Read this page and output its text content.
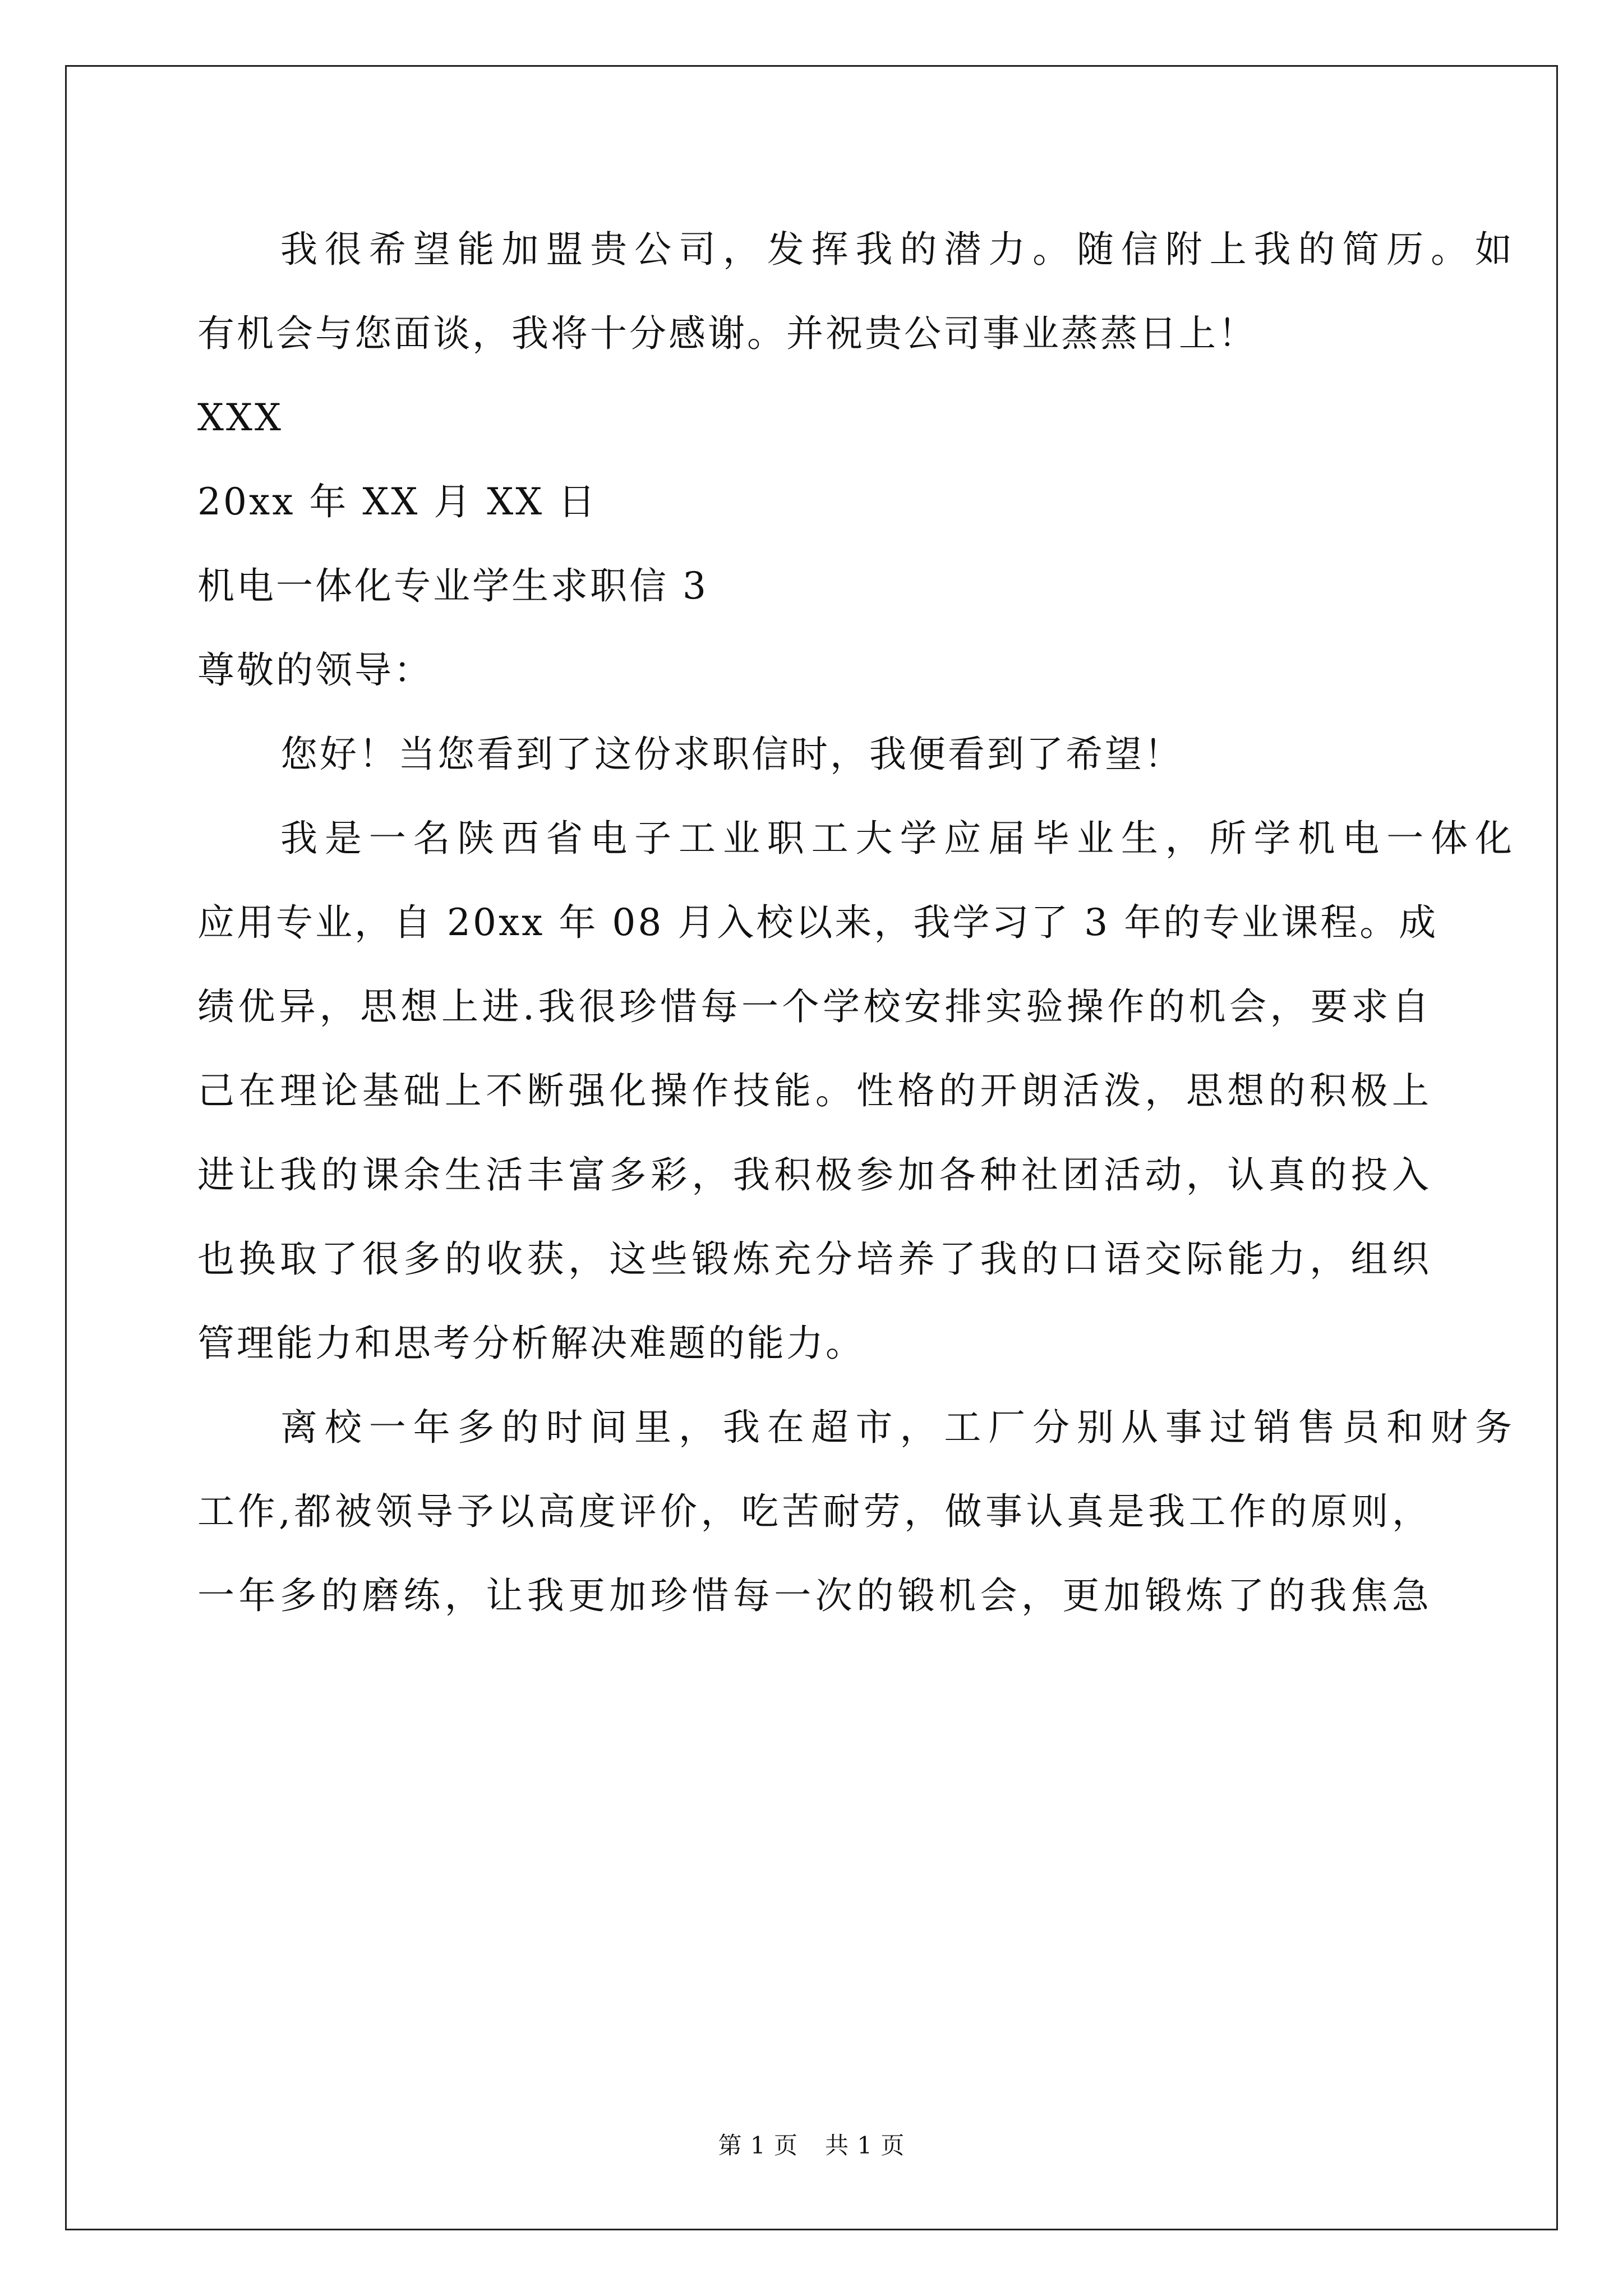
我很希望能加盟贵公司，发挥我的潜力。随信附上我的简历。如
有机会与您面谈，我将十分感谢。并祝贵公司事业蒸蒸日上！
XXX
20xx 年 XX 月 XX 日
机电一体化专业学生求职信 3
尊敬的领导：
您好！当您看到了这份求职信时，我便看到了希望！
我是一名陕西省电子工业职工大学应届毕业生，所学机电一体化
应用专业，自 20xx 年 08 月入校以来，我学习了 3 年的专业课程。成
绩优异，思想上进.我很珍惜每一个学校安排实验操作的机会，要求自
己在理论基础上不断强化操作技能。性格的开朗活泼，思想的积极上
进让我的课余生活丰富多彩，我积极参加各种社团活动，认真的投入
也换取了很多的收获，这些锻炼充分培养了我的口语交际能力，组织
管理能力和思考分析解决难题的能力。
离校一年多的时间里，我在超市，工厂分别从事过销售员和财务
工作,都被领导予以高度评价，吃苦耐劳，做事认真是我工作的原则，
一年多的磨练，让我更加珍惜每一次的锻机会，更加锻炼了的我焦急
第 1 页 共 1 页
